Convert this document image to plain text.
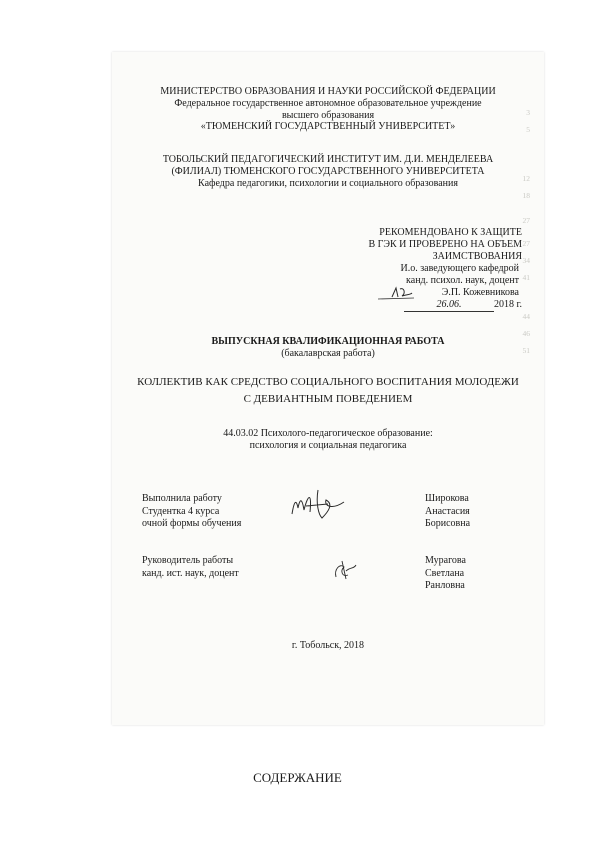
3

5

12

18

27

27

34

41

44

46

51
МИНИСТЕРСТВО ОБРАЗОВАНИЯ И НАУКИ РОССИЙСКОЙ ФЕДЕРАЦИИ
Федеральное государственное автономное образовательное учреждение
высшего образования
«ТЮМЕНСКИЙ ГОСУДАРСТВЕННЫЙ УНИВЕРСИТЕТ»
ТОБОЛЬСКИЙ ПЕДАГОГИЧЕСКИЙ ИНСТИТУТ ИМ. Д.И. МЕНДЕЛЕЕВА
(ФИЛИАЛ) ТЮМЕНСКОГО ГОСУДАРСТВЕННОГО УНИВЕРСИТЕТА
Кафедра педагогики, психологии и социального образования
РЕКОМЕНДОВАНО К ЗАЩИТЕ
В ГЭК И ПРОВЕРЕНО НА ОБЪЕМ
ЗАИМСТВОВАНИЯ
И.о. заведующего кафедрой
канд. психол. наук, доцент
Э.П. Кожевникова
26.06.	2018 г.
ВЫПУСКНАЯ КВАЛИФИКАЦИОННАЯ РАБОТА
(бакалаврская работа)
КОЛЛЕКТИВ КАК СРЕДСТВО СОЦИАЛЬНОГО ВОСПИТАНИЯ МОЛОДЕЖИ
С ДЕВИАНТНЫМ ПОВЕДЕНИЕМ
44.03.02 Психолого-педагогическое образование:
психология и социальная педагогика
Выполнила работу
Студентка 4 курса
очной формы обучения
Широкова
Анастасия
Борисовна
Руководитель работы
канд. ист. наук, доцент
Мурагова
Светлана
Ранловна
г. Тобольск, 2018
СОДЕРЖАНИЕ
